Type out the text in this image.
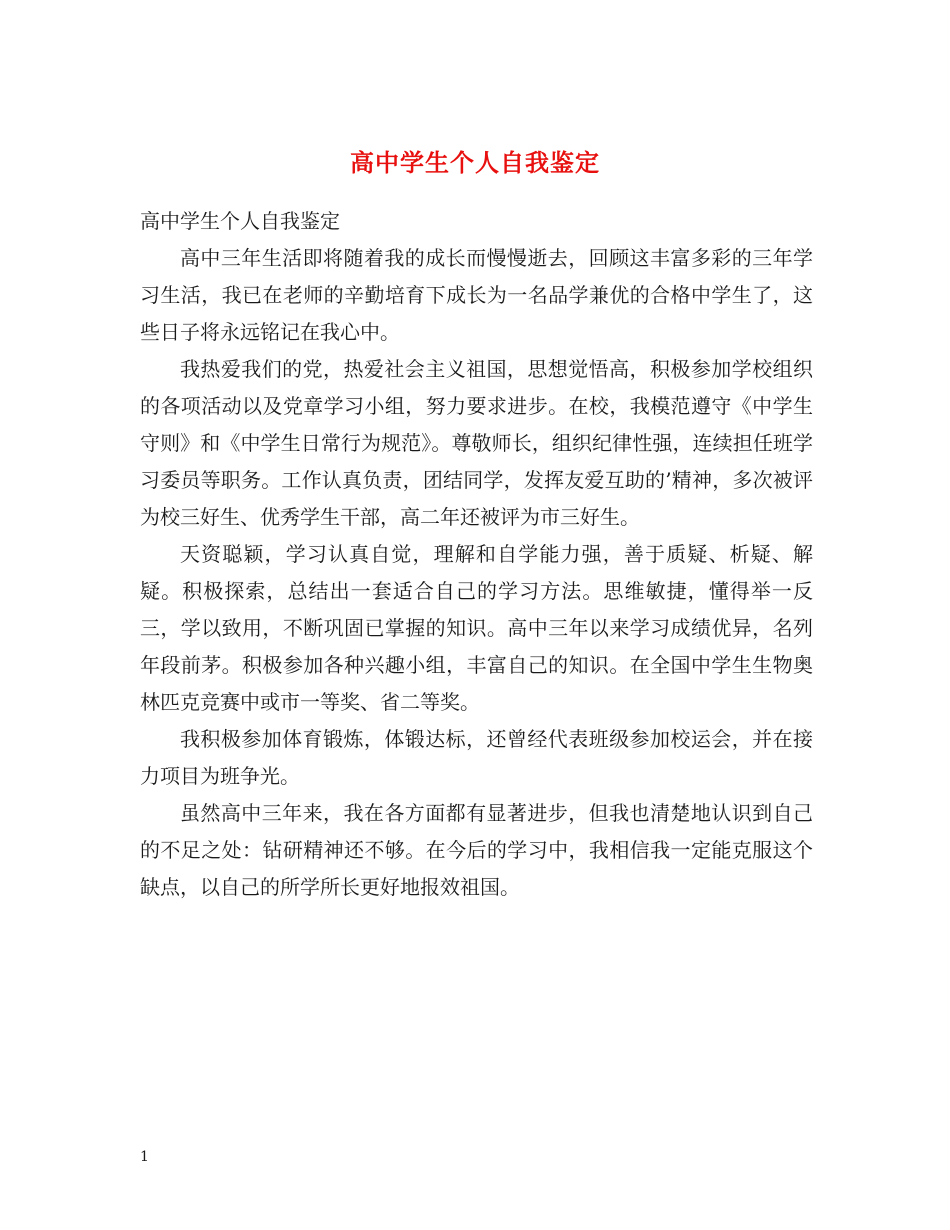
高中学生个人自我鉴定

高中学生个人自我鉴定

高中三年生活即将随着我的成长而慢慢逝去，回顾这丰富多彩的三年学习生活，我已在老师的辛勤培育下成长为一名品学兼优的合格中学生了，这些日子将永远铭记在我心中。

我热爱我们的党，热爱社会主义祖国，思想觉悟高，积极参加学校组织的各项活动以及党章学习小组，努力要求进步。在校，我模范遵守《中学生守则》和《中学生日常行为规范》。尊敬师长，组织纪律性强，连续担任班学习委员等职务。工作认真负责，团结同学，发挥友爱互助的’精神，多次被评为校三好生、优秀学生干部，高二年还被评为市三好生。

天资聪颖，学习认真自觉，理解和自学能力强，善于质疑、析疑、解疑。积极探索，总结出一套适合自己的学习方法。思维敏捷，懂得举一反三，学以致用，不断巩固已掌握的知识。高中三年以来学习成绩优异，名列年段前茅。积极参加各种兴趣小组，丰富自己的知识。在全国中学生生物奥林匹克竞赛中或市一等奖、省二等奖。

我积极参加体育锻炼，体锻达标，还曾经代表班级参加校运会，并在接力项目为班争光。

虽然高中三年来，我在各方面都有显著进步，但我也清楚地认识到自己的不足之处：钻研精神还不够。在今后的学习中，我相信我一定能克服这个缺点，以自己的所学所长更好地报效祖国。

1
